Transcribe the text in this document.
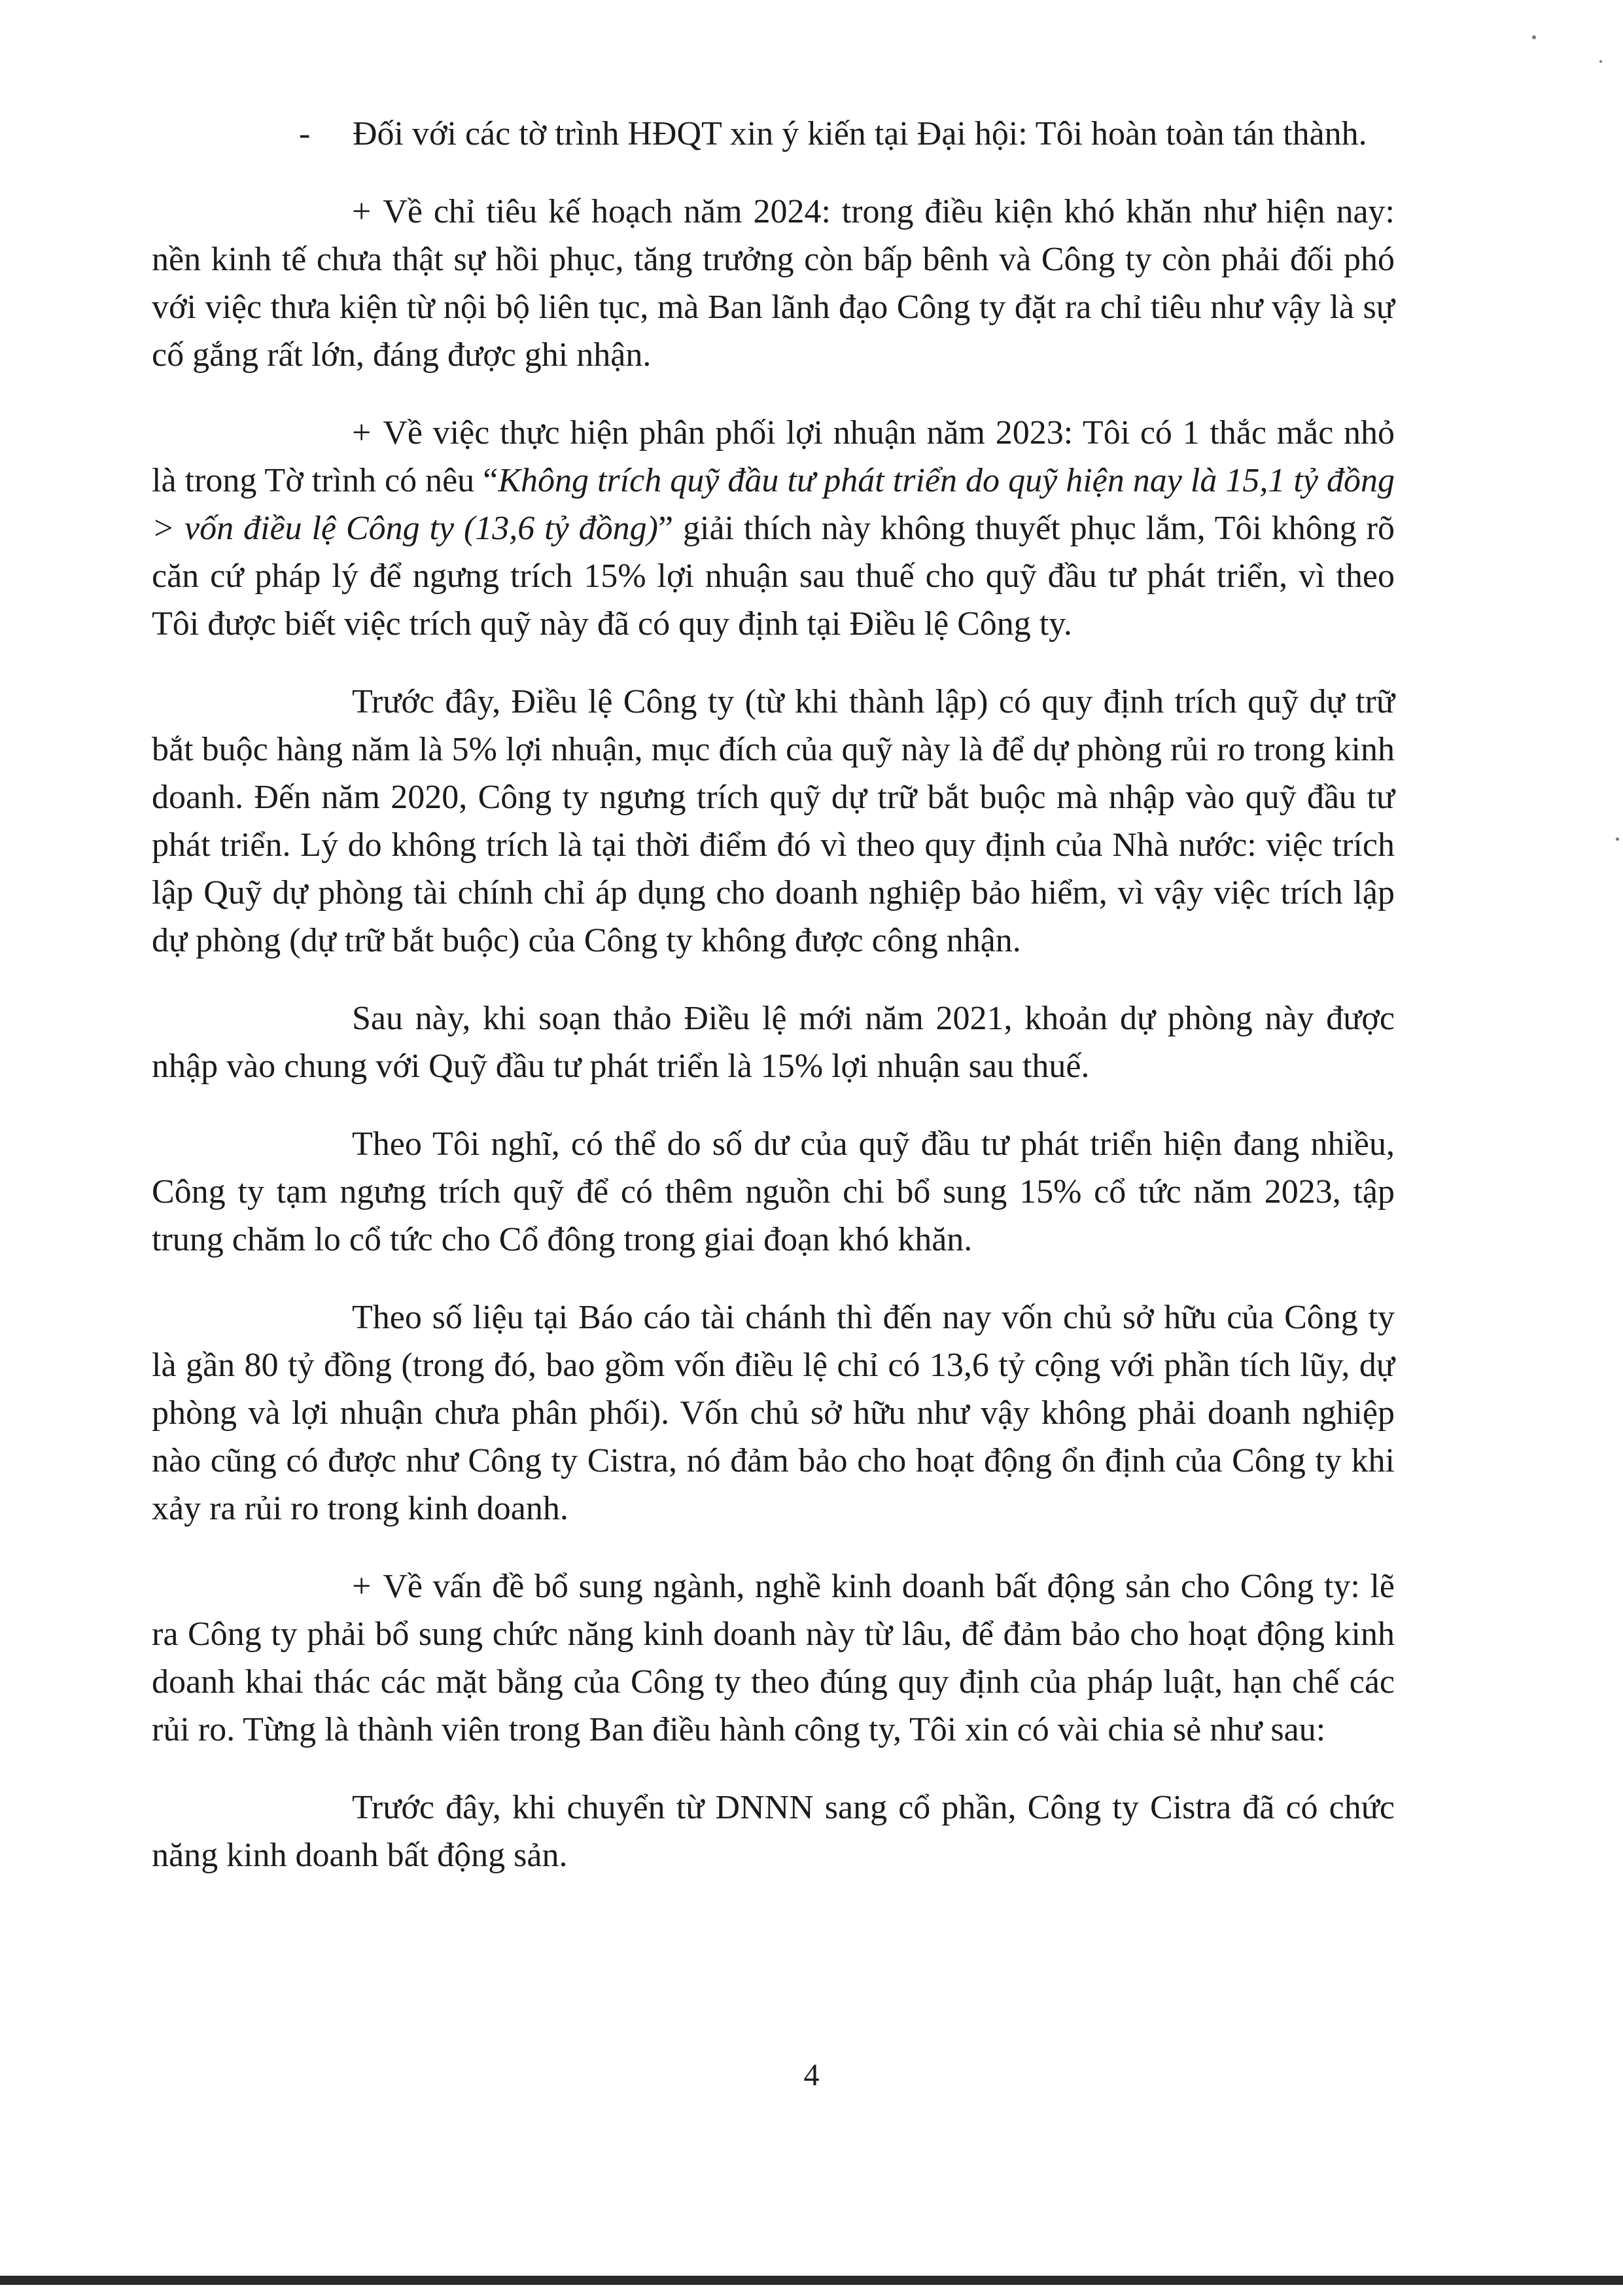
- Đối với các tờ trình HĐQT xin ý kiến tại Đại hội: Tôi hoàn toàn tán thành.

+ Về chỉ tiêu kế hoạch năm 2024: trong điều kiện khó khăn như hiện nay: nền kinh tế chưa thật sự hồi phục, tăng trưởng còn bấp bênh và Công ty còn phải đối phó với việc thưa kiện từ nội bộ liên tục, mà Ban lãnh đạo Công ty đặt ra chỉ tiêu như vậy là sự cố gắng rất lớn, đáng được ghi nhận.

+ Về việc thực hiện phân phối lợi nhuận năm 2023: Tôi có 1 thắc mắc nhỏ là trong Tờ trình có nêu “Không trích quỹ đầu tư phát triển do quỹ hiện nay là 15,1 tỷ đồng > vốn điều lệ Công ty (13,6 tỷ đồng)” giải thích này không thuyết phục lắm, Tôi không rõ căn cứ pháp lý để ngưng trích 15% lợi nhuận sau thuế cho quỹ đầu tư phát triển, vì theo Tôi được biết việc trích quỹ này đã có quy định tại Điều lệ Công ty.

Trước đây, Điều lệ Công ty (từ khi thành lập) có quy định trích quỹ dự trữ bắt buộc hàng năm là 5% lợi nhuận, mục đích của quỹ này là để dự phòng rủi ro trong kinh doanh. Đến năm 2020, Công ty ngưng trích quỹ dự trữ bắt buộc mà nhập vào quỹ đầu tư phát triển. Lý do không trích là tại thời điểm đó vì theo quy định của Nhà nước: việc trích lập Quỹ dự phòng tài chính chỉ áp dụng cho doanh nghiệp bảo hiểm, vì vậy việc trích lập dự phòng (dự trữ bắt buộc) của Công ty không được công nhận.

Sau này, khi soạn thảo Điều lệ mới năm 2021, khoản dự phòng này được nhập vào chung với Quỹ đầu tư phát triển là 15% lợi nhuận sau thuế.

Theo Tôi nghĩ, có thể do số dư của quỹ đầu tư phát triển hiện đang nhiều, Công ty tạm ngưng trích quỹ để có thêm nguồn chi bổ sung 15% cổ tức năm 2023, tập trung chăm lo cổ tức cho Cổ đông trong giai đoạn khó khăn.

Theo số liệu tại Báo cáo tài chánh thì đến nay vốn chủ sở hữu của Công ty là gần 80 tỷ đồng (trong đó, bao gồm vốn điều lệ chỉ có 13,6 tỷ cộng với phần tích lũy, dự phòng và lợi nhuận chưa phân phối). Vốn chủ sở hữu như vậy không phải doanh nghiệp nào cũng có được như Công ty Cistra, nó đảm bảo cho hoạt động ổn định của Công ty khi xảy ra rủi ro trong kinh doanh.

+ Về vấn đề bổ sung ngành, nghề kinh doanh bất động sản cho Công ty: lẽ ra Công ty phải bổ sung chức năng kinh doanh này từ lâu, để đảm bảo cho hoạt động kinh doanh khai thác các mặt bằng của Công ty theo đúng quy định của pháp luật, hạn chế các rủi ro. Từng là thành viên trong Ban điều hành công ty, Tôi xin có vài chia sẻ như sau:

Trước đây, khi chuyển từ DNNN sang cổ phần, Công ty Cistra đã có chức năng kinh doanh bất động sản.

4
